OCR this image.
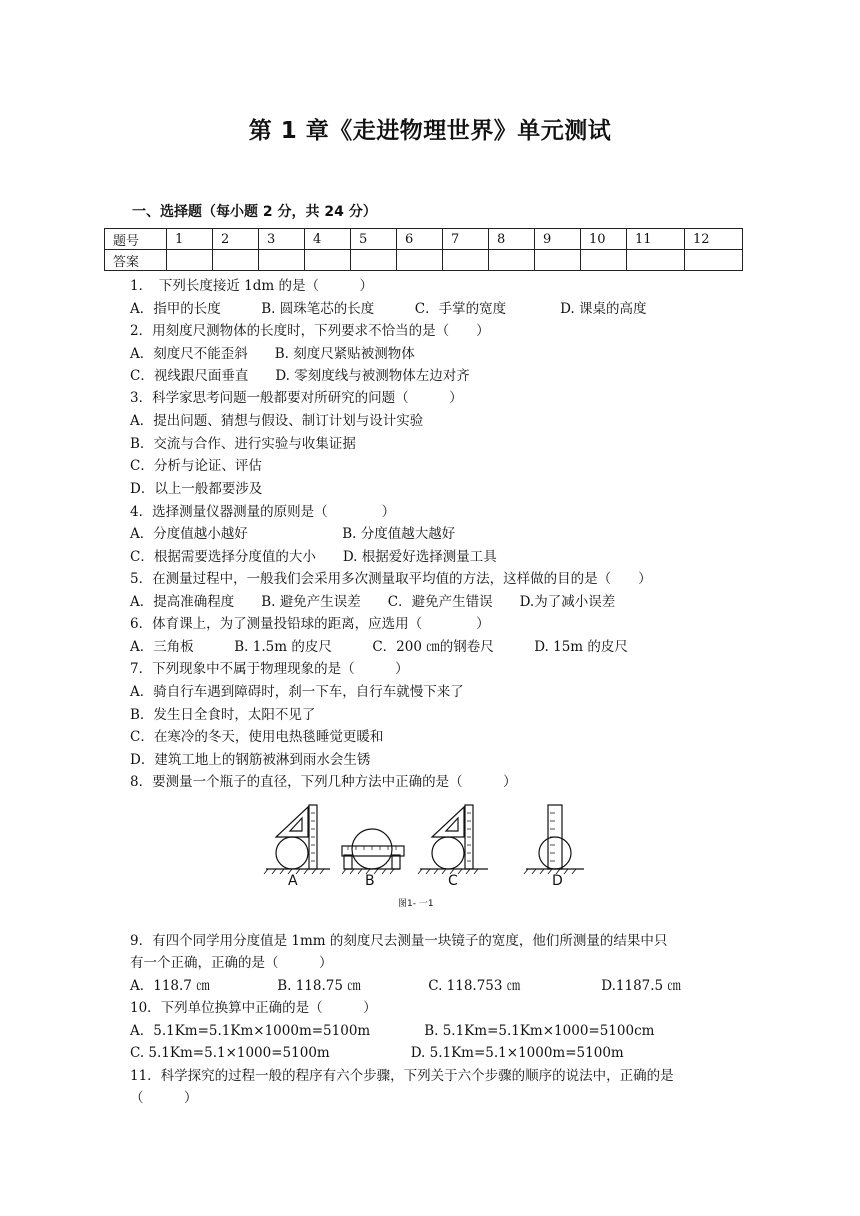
第 1 章《走进物理世界》单元测试
一、选择题（每小题 2 分，共 24 分）
题号	1	2	3	4	5	6	7	8	9	10	11	12
答案												
1．　下列长度接近 1dm 的是（　　　）
A．指甲的长度　　　B. 圆珠笔芯的长度　　　C．手掌的宽度　　　　D. 课桌的高度
2．用刻度尺测物体的长度时，下列要求不恰当的是（　　）
A．刻度尺不能歪斜　　B. 刻度尺紧贴被测物体
C．视线跟尺面垂直　　D. 零刻度线与被测物体左边对齐
3．科学家思考问题一般都要对所研究的问题（　　　）
A．提出问题、猜想与假设、制订计划与设计实验
B．交流与合作、进行实验与收集证据
C．分析与论证、评估
D．以上一般都要涉及
4．选择测量仪器测量的原则是（　　　　）
A．分度值越小越好　　　　　　　B. 分度值越大越好
C．根据需要选择分度值的大小　　D. 根据爱好选择测量工具
5．在测量过程中，一般我们会采用多次测量取平均值的方法，这样做的目的是（　　）
A．提高准确程度　　B. 避免产生误差　　C．避免产生错误　　D.为了减小误差
6．体育课上，为了测量投铅球的距离，应选用（　　　　）
A．三角板　　　B. 1.5m 的皮尺　　　C．200 ㎝的钢卷尺　　　D. 15m 的皮尺
7．下列现象中不属于物理现象的是（　　　）
A．骑自行车遇到障碍时，刹一下车，自行车就慢下来了
B．发生日全食时，太阳不见了
C．在寒冷的冬天，使用电热毯睡觉更暖和
D．建筑工地上的钢筋被淋到雨水会生锈
8．要测量一个瓶子的直径，下列几种方法中正确的是（　　　）
A	B	C	D
图1- 一1
9．有四个同学用分度值是 1mm 的刻度尺去测量一块镜子的宽度，他们所测量的结果中只
有一个正确，正确的是（　　　）
A．118.7 ㎝　　　　　B. 118.75 ㎝　　　　　C. 118.753 ㎝　　　　　　D.1187.5 ㎝
10．下列单位换算中正确的是（　　　）
A．5.1Km=5.1Km×1000m=5100m　　　　B. 5.1Km=5.1Km×1000=5100cm
C. 5.1Km=5.1×1000=5100m　　　　　　D. 5.1Km=5.1×1000m=5100m
11．科学探究的过程一般的程序有六个步骤，下列关于六个步骤的顺序的说法中，正确的是
（　　　）
